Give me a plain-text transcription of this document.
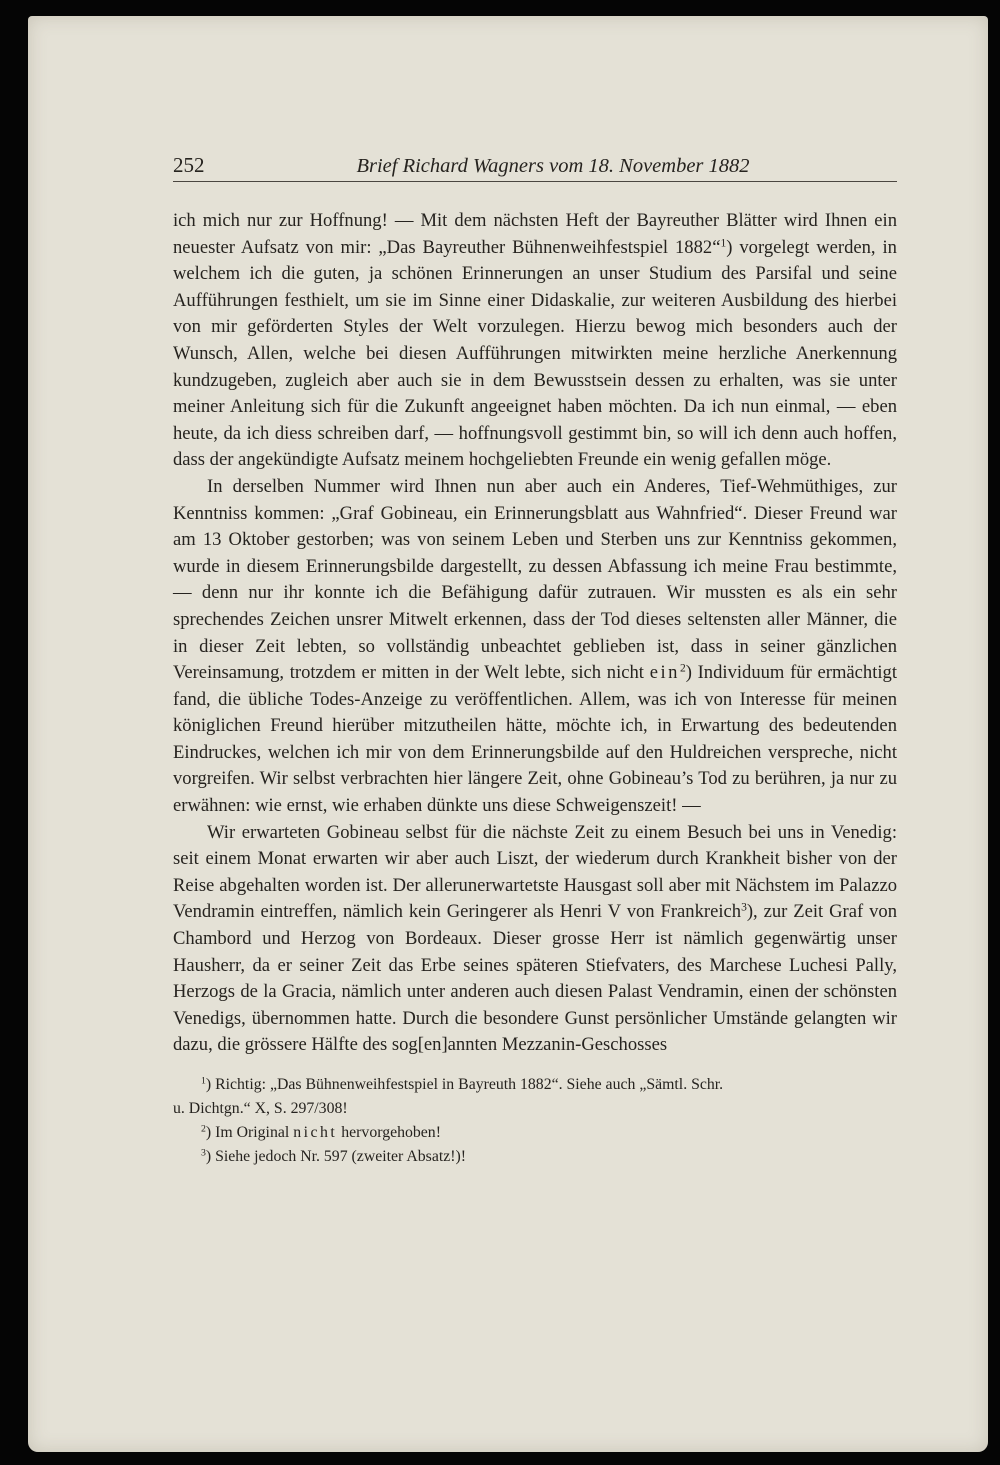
252	Brief Richard Wagners vom 18. November 1882

ich mich nur zur Hoffnung! — Mit dem nächsten Heft der Bayreuther Blätter wird Ihnen ein neuester Aufsatz von mir: „Das Bayreuther Bühnenweihfestspiel 1882“$^1$) vorgelegt werden, in welchem ich die guten, ja schönen Erinnerungen an unser Studium des Parsifal und seine Aufführungen festhielt, um sie im Sinne einer Didaskalie, zur weiteren Ausbildung des hierbei von mir geförderten Styles der Welt vorzulegen. Hierzu bewog mich besonders auch der Wunsch, Allen, welche bei diesen Aufführungen mitwirkten meine herzliche Anerkennung kundzugeben, zugleich aber auch sie in dem Bewusstsein dessen zu erhalten, was sie unter meiner Anleitung sich für die Zukunft angeeignet haben möchten. Da ich nun einmal, — eben heute, da ich diess schreiben darf, — hoffnungsvoll gestimmt bin, so will ich denn auch hoffen, dass der angekündigte Aufsatz meinem hochgeliebten Freunde ein wenig gefallen möge.

In derselben Nummer wird Ihnen nun aber auch ein Anderes, Tief-Wehmüthiges, zur Kenntniss kommen: „Graf Gobineau, ein Erinnerungsblatt aus Wahnfried“. Dieser Freund war am 13 Oktober gestorben; was von seinem Leben und Sterben uns zur Kenntniss gekommen, wurde in diesem Erinnerungsbilde dargestellt, zu dessen Abfassung ich meine Frau bestimmte, — denn nur ihr konnte ich die Befähigung dafür zutrauen. Wir mussten es als ein sehr sprechendes Zeichen unsrer Mitwelt erkennen, dass der Tod dieses seltensten aller Männer, die in dieser Zeit lebten, so vollständig unbeachtet geblieben ist, dass in seiner gänzlichen Vereinsamung, trotzdem er mitten in der Welt lebte, sich nicht ein$^2$) Individuum für ermächtigt fand, die übliche Todes-Anzeige zu veröffentlichen. Allem, was ich von Interesse für meinen königlichen Freund hierüber mitzutheilen hätte, möchte ich, in Erwartung des bedeutenden Eindruckes, welchen ich mir von dem Erinnerungsbilde auf den Huldreichen verspreche, nicht vorgreifen. Wir selbst verbrachten hier längere Zeit, ohne Gobineau’s Tod zu berühren, ja nur zu erwähnen: wie ernst, wie erhaben dünkte uns diese Schweigenszeit! —

Wir erwarteten Gobineau selbst für die nächste Zeit zu einem Besuch bei uns in Venedig: seit einem Monat erwarten wir aber auch Liszt, der wiederum durch Krankheit bisher von der Reise abgehalten worden ist. Der allerunerwartetste Hausgast soll aber mit Nächstem im Palazzo Vendramin eintreffen, nämlich kein Geringerer als Henri V von Frankreich$^3$), zur Zeit Graf von Chambord und Herzog von Bordeaux. Dieser grosse Herr ist nämlich gegenwärtig unser Hausherr, da er seiner Zeit das Erbe seines späteren Stiefvaters, des Marchese Luchesi Pally, Herzogs de la Gracia, nämlich unter anderen auch diesen Palast Vendramin, einen der schönsten Venedigs, übernommen hatte. Durch die besondere Gunst persönlicher Umstände gelangten wir dazu, die grössere Hälfte des sog[en]annten Mezzanin-Geschosses

$^1$) Richtig: „Das Bühnenweihfestspiel in Bayreuth 1882“. Siehe auch „Sämtl. Schr.

u. Dichtgn.“ X, S. 297/308!

$^2$) Im Original nicht hervorgehoben!

$^3$) Siehe jedoch Nr. 597 (zweiter Absatz!)!
